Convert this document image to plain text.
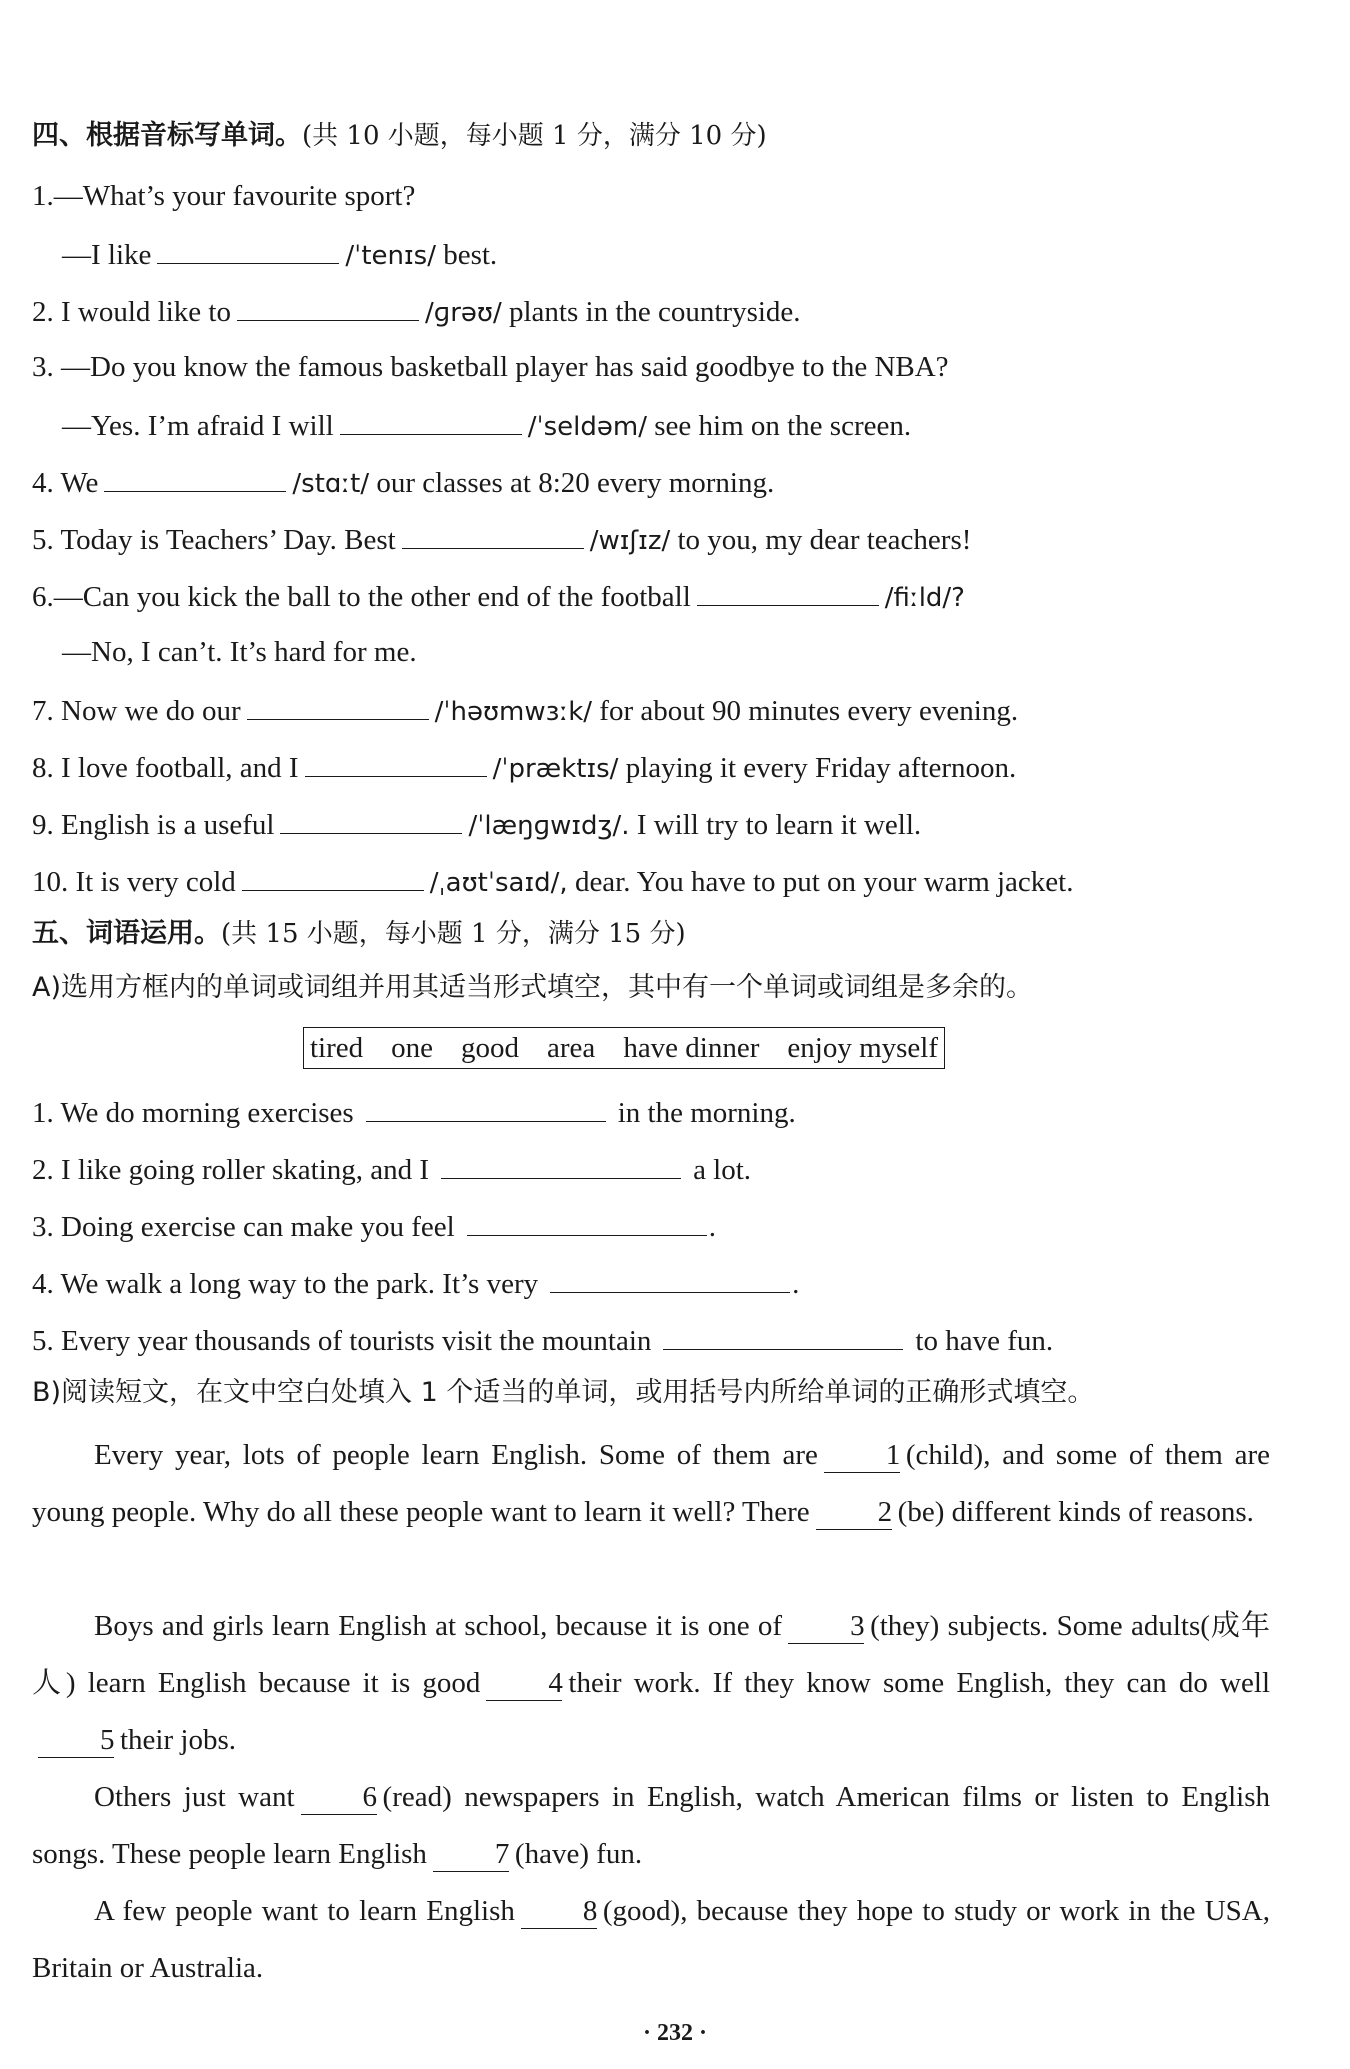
四、根据音标写单词。(共 10 小题，每小题 1 分，满分 10 分)
1.—What’s your favourite sport?
—I like	/ˈtenɪs/ best.
2. I would like to	/ɡrəʊ/ plants in the countryside.
3. —Do you know the famous basketball player has said goodbye to the NBA?
—Yes. I’m afraid I will	/ˈseldəm/ see him on the screen.
4. We	/stɑːt/ our classes at 8:20 every morning.
5. Today is Teachers’ Day. Best	/wɪʃɪz/ to you, my dear teachers!
6.—Can you kick the ball to the other end of the football	/fiːld/?
—No, I can’t. It’s hard for me.
7. Now we do our	/ˈhəʊmwɜːk/ for about 90 minutes every evening.
8. I love football, and I	/ˈpræktɪs/ playing it every Friday afternoon.
9. English is a useful	/ˈlæŋɡwɪdʒ/. I will try to learn it well.
10. It is very cold	/ˌaʊtˈsaɪd/, dear. You have to put on your warm jacket.
五、词语运用。(共 15 小题，每小题 1 分，满分 15 分)
A)选用方框内的单词或词组并用其适当形式填空，其中有一个单词或词组是多余的。
tired one good area have dinner enjoy myself
1. We do morning exercises	in the morning.
2. I like going roller skating, and I	a lot.
3. Doing exercise can make you feel	.
4. We walk a long way to the park. It’s very	.
5. Every year thousands of tourists visit the mountain	to have fun.
B)阅读短文，在文中空白处填入 1 个适当的单词，或用括号内所给单词的正确形式填空。
Every year, lots of people learn English. Some of them are 1 (child), and some of them are young people. Why do all these people want to learn it well? There 2 (be) different kinds of reasons.
Boys and girls learn English at school, because it is one of 3 (they) subjects. Some adults(成年人) learn English because it is good 4 their work. If they know some English, they can do well5 their jobs.
Others just want 6 (read) newspapers in English, watch American films or listen to English songs. These people learn English 7 (have) fun.
A few people want to learn English 8 (good), because they hope to study or work in the USA, Britain or Australia.
· 232 ·
